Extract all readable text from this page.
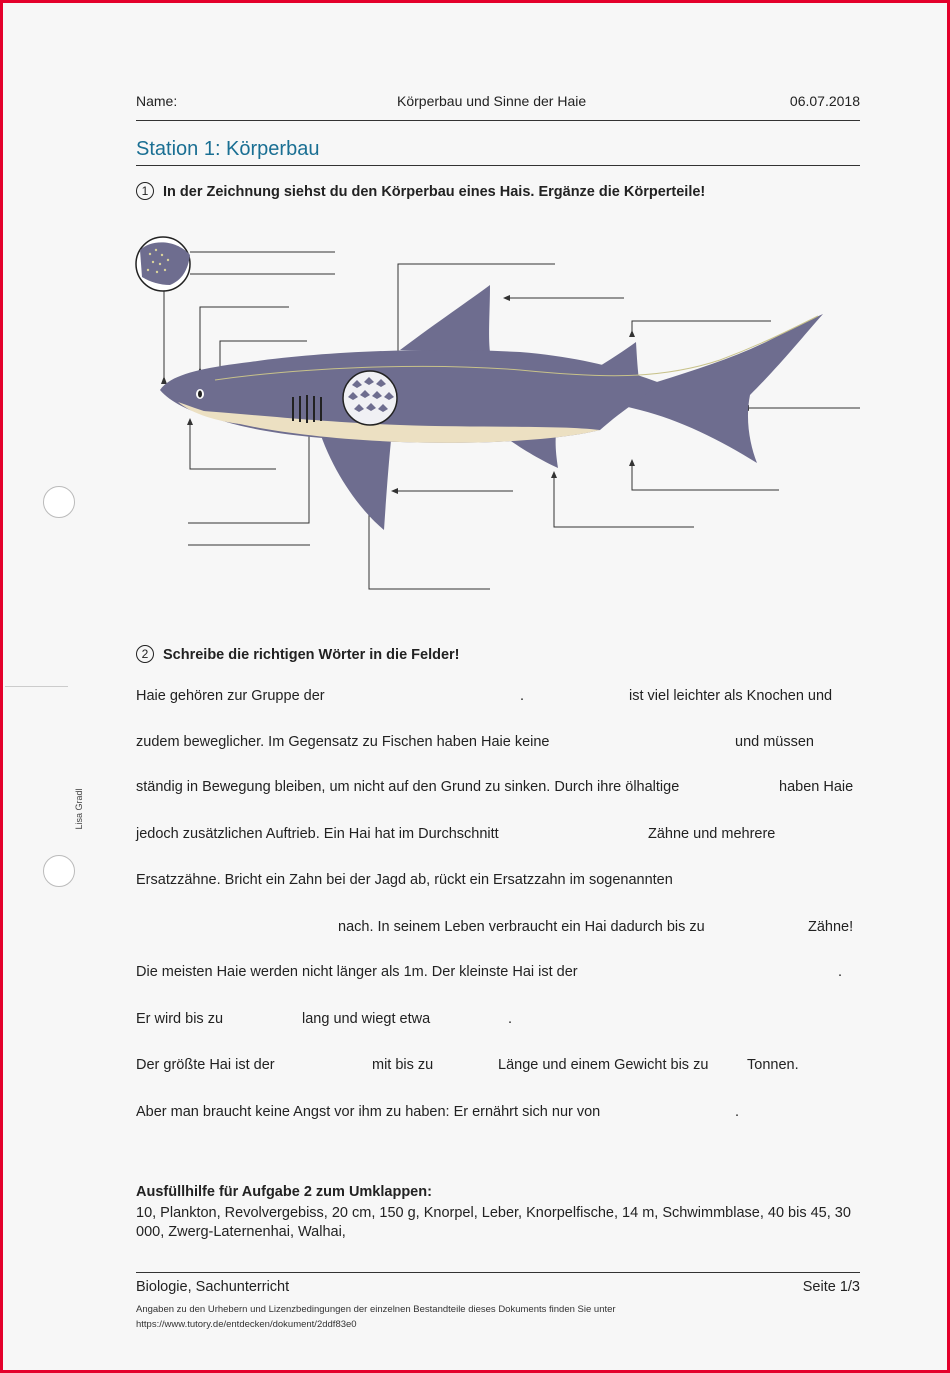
Name:	Körperbau und Sinne der Haie	06.07.2018
Station 1: Körperbau
1 In der Zeichnung siehst du den Körperbau eines Hais. Ergänze die Körperteile!
2 Schreibe die richtigen Wörter in die Felder!
Haie gehören zur Gruppe der	.	ist viel leichter als Knochen und
zudem beweglicher. Im Gegensatz zu Fischen haben Haie keine	und müssen
ständig in Bewegung bleiben, um nicht auf den Grund zu sinken. Durch ihre ölhaltige	haben Haie
jedoch zusätzlichen Auftrieb. Ein Hai hat im Durchschnitt	Zähne und mehrere
Ersatzzähne. Bricht ein Zahn bei der Jagd ab, rückt ein Ersatzzahn im sogenannten
nach. In seinem Leben verbraucht ein Hai dadurch bis zu	Zähne!
Die meisten Haie werden nicht länger als 1m. Der kleinste Hai ist der	.
Er wird bis zu	lang und wiegt etwa	.
Der größte Hai ist der	mit bis zu	Länge und einem Gewicht bis zu	Tonnen.
Aber man braucht keine Angst vor ihm zu haben: Er ernährt sich nur von	.
Ausfüllhilfe für Aufgabe 2 zum Umklappen:
10, Plankton, Revolvergebiss, 20 cm, 150 g, Knorpel, Leber, Knorpelfische, 14 m, Schwimmblase, 40 bis 45, 30 000, Zwerg-Laternenhai, Walhai,
Biologie, Sachunterricht	Seite 1/3
Angaben zu den Urhebern und Lizenzbedingungen der einzelnen Bestandteile dieses Dokuments finden Sie unter
https://www.tutory.de/entdecken/dokument/2ddf83e0
Lisa Gradl
